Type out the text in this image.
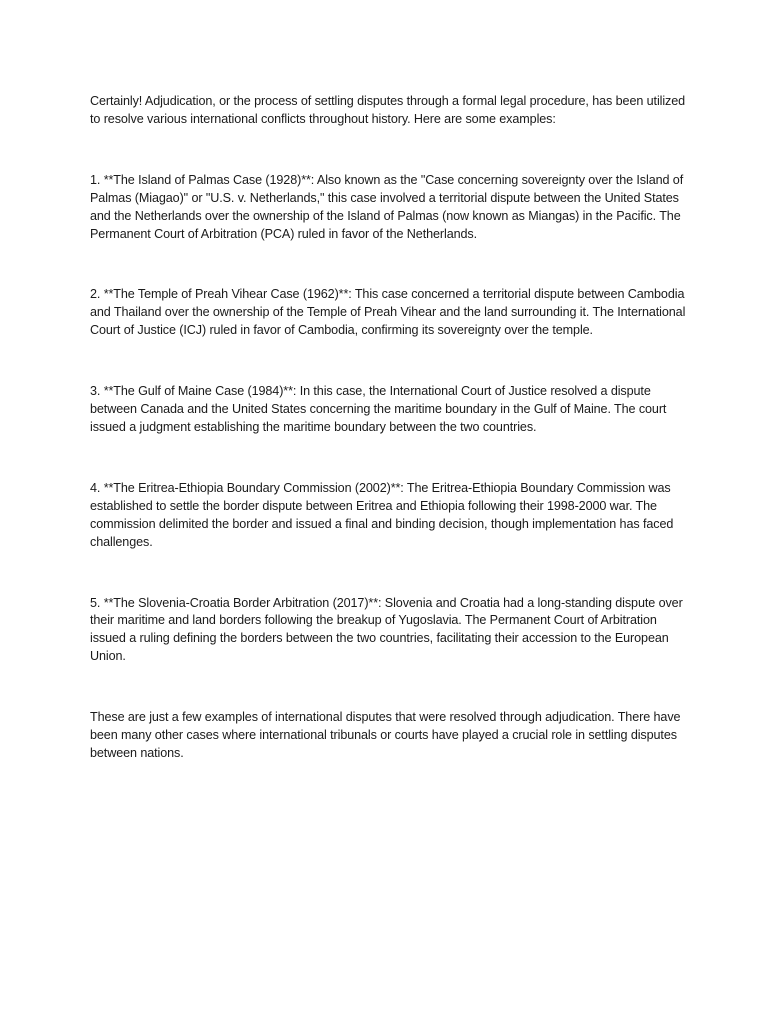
Certainly! Adjudication, or the process of settling disputes through a formal legal procedure, has been utilized to resolve various international conflicts throughout history. Here are some examples:

1. **The Island of Palmas Case (1928)**: Also known as the "Case concerning sovereignty over the Island of Palmas (Miagao)" or "U.S. v. Netherlands," this case involved a territorial dispute between the United States and the Netherlands over the ownership of the Island of Palmas (now known as Miangas) in the Pacific. The Permanent Court of Arbitration (PCA) ruled in favor of the Netherlands.

2. **The Temple of Preah Vihear Case (1962)**: This case concerned a territorial dispute between Cambodia and Thailand over the ownership of the Temple of Preah Vihear and the land surrounding it. The International Court of Justice (ICJ) ruled in favor of Cambodia, confirming its sovereignty over the temple.

3. **The Gulf of Maine Case (1984)**: In this case, the International Court of Justice resolved a dispute between Canada and the United States concerning the maritime boundary in the Gulf of Maine. The court issued a judgment establishing the maritime boundary between the two countries.

4. **The Eritrea-Ethiopia Boundary Commission (2002)**: The Eritrea-Ethiopia Boundary Commission was established to settle the border dispute between Eritrea and Ethiopia following their 1998-2000 war. The commission delimited the border and issued a final and binding decision, though implementation has faced challenges.

5. **The Slovenia-Croatia Border Arbitration (2017)**: Slovenia and Croatia had a long-standing dispute over their maritime and land borders following the breakup of Yugoslavia. The Permanent Court of Arbitration issued a ruling defining the borders between the two countries, facilitating their accession to the European Union.

These are just a few examples of international disputes that were resolved through adjudication. There have been many other cases where international tribunals or courts have played a crucial role in settling disputes between nations.
